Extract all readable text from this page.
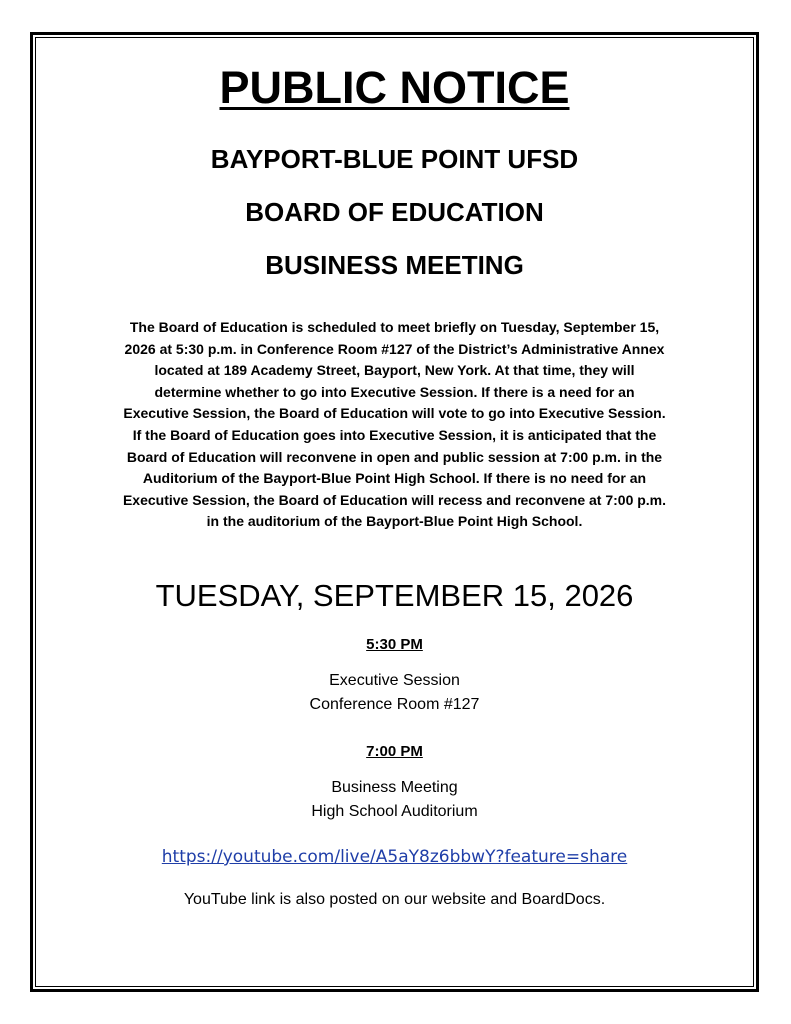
PUBLIC NOTICE
BAYPORT-BLUE POINT UFSD
BOARD OF EDUCATION
BUSINESS MEETING
The Board of Education is scheduled to meet briefly on Tuesday, September 15,
2026 at 5:30 p.m. in Conference Room #127 of the District’s Administrative Annex
located at 189 Academy Street, Bayport, New York. At that time, they will
determine whether to go into Executive Session. If there is a need for an
Executive Session, the Board of Education will vote to go into Executive Session.
If the Board of Education goes into Executive Session, it is anticipated that the
Board of Education will reconvene in open and public session at 7:00 p.m. in the
Auditorium of the Bayport-Blue Point High School. If there is no need for an
Executive Session, the Board of Education will recess and reconvene at 7:00 p.m.
in the auditorium of the Bayport-Blue Point High School.
TUESDAY, SEPTEMBER 15, 2026
5:30 PM
Executive Session
Conference Room #127
7:00 PM
Business Meeting
High School Auditorium
https://youtube.com/live/A5aY8z6bbwY?feature=share
YouTube link is also posted on our website and BoardDocs.
